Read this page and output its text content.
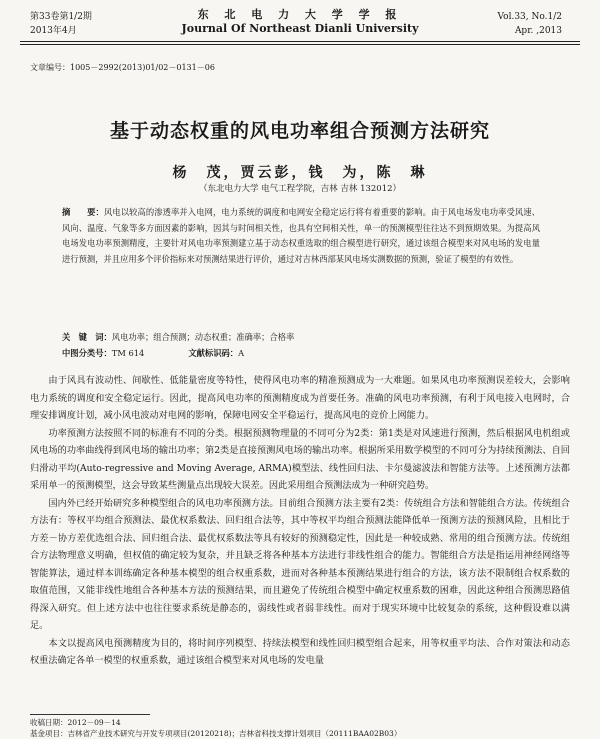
第33卷第1/2期
2013年4月
东 北 电 力 大 学 学 报
Journal Of Northeast Dianli University
Vol.33, No.1/2
Apr. ,2013
文章编号：1005－2992(2013)01/02－0131－06
基于动态权重的风电功率组合预测方法研究
杨　茂，贾云彭，钱　为，陈　琳
（东北电力大学 电气工程学院，吉林 吉林 132012）
摘　　要：风电以较高的渗透率并入电网，电力系统的调度和电网安全稳定运行将有着重要的影响。由于风电场发电功率受风速、风向、温度、气象等多方面因素的影响，因其与时间相关性，也具有空间相关性，单一的预测模型往往达不到预期效果。为提高风电场发电功率预测精度，主要针对风电功率预测建立基于动态权重选取的组合模型进行研究，通过该组合模型来对风电场的发电量进行预测，并且应用多个评价指标来对预测结果进行评价，通过对吉林西部某风电场实测数据的预测，验证了模型的有效性。
关　键　词：风电功率；组合预测；动态权重；准确率；合格率
中图分类号：TM 614	文献标识码：A

由于风具有波动性、间歇性、低能量密度等特性，使得风电功率的精准预测成为一大难题。如果风电功率预测误差较大，会影响电力系统的调度和安全稳定运行。因此，提高风电功率的预测精度成为首要任务。准确的风电功率预测，有利于风电接入电网时，合理安排调度计划，减小风电波动对电网的影响，保障电网安全平稳运行，提高风电的竞价上网能力。

功率预测方法按照不同的标准有不同的分类。根据预测物理量的不同可分为2类：第1类是对风速进行预测，然后根据风电机组或风电场的功率曲线得到风电场的输出功率；第2类是直接预测风电场的输出功率。根据所采用数学模型的不同可分为持续预测法、自回归滑动平均(Auto-regressive and Moving Average, ARMA)模型法、线性回归法、卡尔曼滤波法和智能方法等。上述预测方法都采用单一的预测模型，这会导致某些测量点出现较大误差。因此采用组合预测法成为一种研究趋势。

国内外已经开始研究多种模型组合的风电功率预测方法。目前组合预测方法主要有2类：传统组合方法和智能组合方法。传统组合方法有：等权平均组合预测法、最优权系数法、回归组合法等，其中等权平均组合预测法能降低单一预测方法的预测风险，且相比于方差－协方差优选组合法、回归组合法、最优权系数法等具有较好的预测稳定性，因此是一种较成熟、常用的组合预测方法。传统组合方法物理意义明确，但权值的确定较为复杂，并且缺乏将各种基本方法进行非线性组合的能力。智能组合方法是指运用神经网络等智能算法，通过样本训练确定各种基本模型的组合权重系数，进而对各种基本预测结果进行组合的方法，该方法不限制组合权系数的取值范围，又能非线性地组合各种基本方法的预测结果，而且避免了传统组合模型中确定权重系数的困难，因此这种组合预测思路值得深入研究。但上述方法中也往往要求系统是静态的，弱线性或者弱非线性。而对于现实环境中比较复杂的系统，这种假设难以满足。

本文以提高风电预测精度为目的，将时间序列模型、持续法模型和线性回归模型组合起来，用等权重平均法、合作对策法和动态权重法确定各单一模型的权重系数，通过该组合模型来对风电场的发电量

收稿日期：2012－09－14
基金项目：吉林省产业技术研究与开发专项项目(20120218)；吉林省科技支撑计划项目（20111BAA02B03）
